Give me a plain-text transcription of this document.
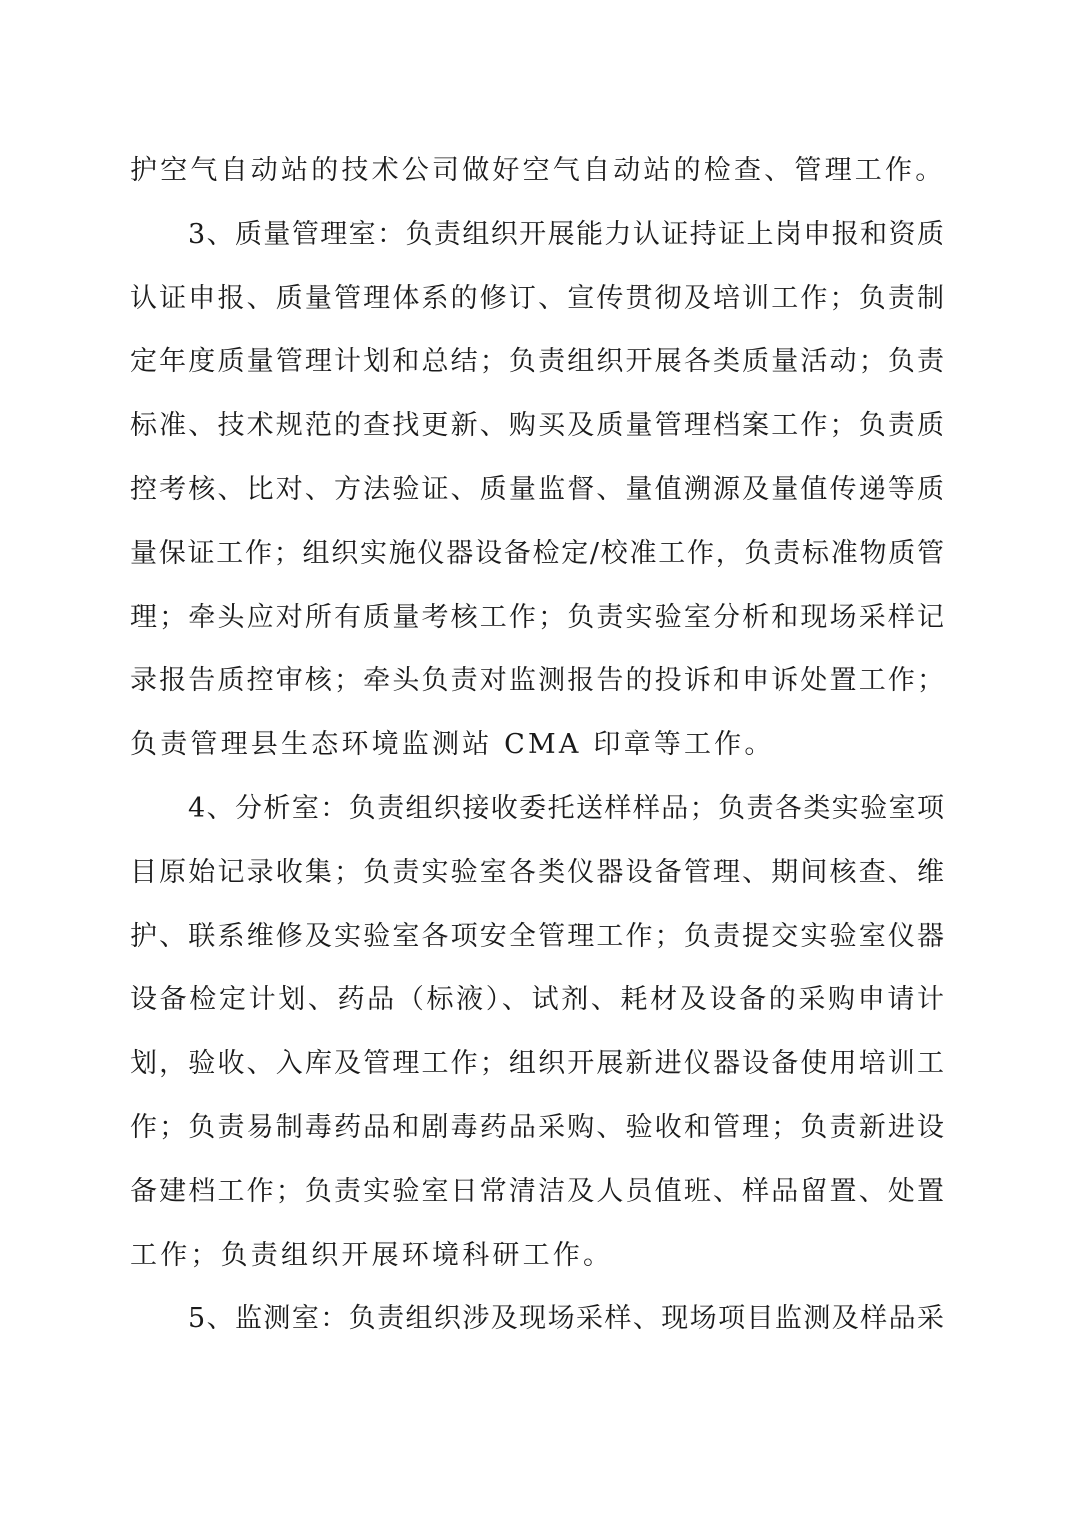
护空气自动站的技术公司做好空气自动站的检查、管理工作。
3、质量管理室：负责组织开展能力认证持证上岗申报和资质
认证申报、质量管理体系的修订、宣传贯彻及培训工作；负责制
定年度质量管理计划和总结；负责组织开展各类质量活动；负责
标准、技术规范的查找更新、购买及质量管理档案工作；负责质
控考核、比对、方法验证、质量监督、量值溯源及量值传递等质
量保证工作；组织实施仪器设备检定/校准工作，负责标准物质管
理；牵头应对所有质量考核工作；负责实验室分析和现场采样记
录报告质控审核；牵头负责对监测报告的投诉和申诉处置工作；
负责管理县生态环境监测站 CMA 印章等工作。
4、分析室：负责组织接收委托送样样品；负责各类实验室项
目原始记录收集；负责实验室各类仪器设备管理、期间核查、维
护、联系维修及实验室各项安全管理工作；负责提交实验室仪器
设备检定计划、药品（标液）、试剂、耗材及设备的采购申请计
划，验收、入库及管理工作；组织开展新进仪器设备使用培训工
作；负责易制毒药品和剧毒药品采购、验收和管理；负责新进设
备建档工作；负责实验室日常清洁及人员值班、样品留置、处置
工作；负责组织开展环境科研工作。
5、监测室：负责组织涉及现场采样、现场项目监测及样品采
